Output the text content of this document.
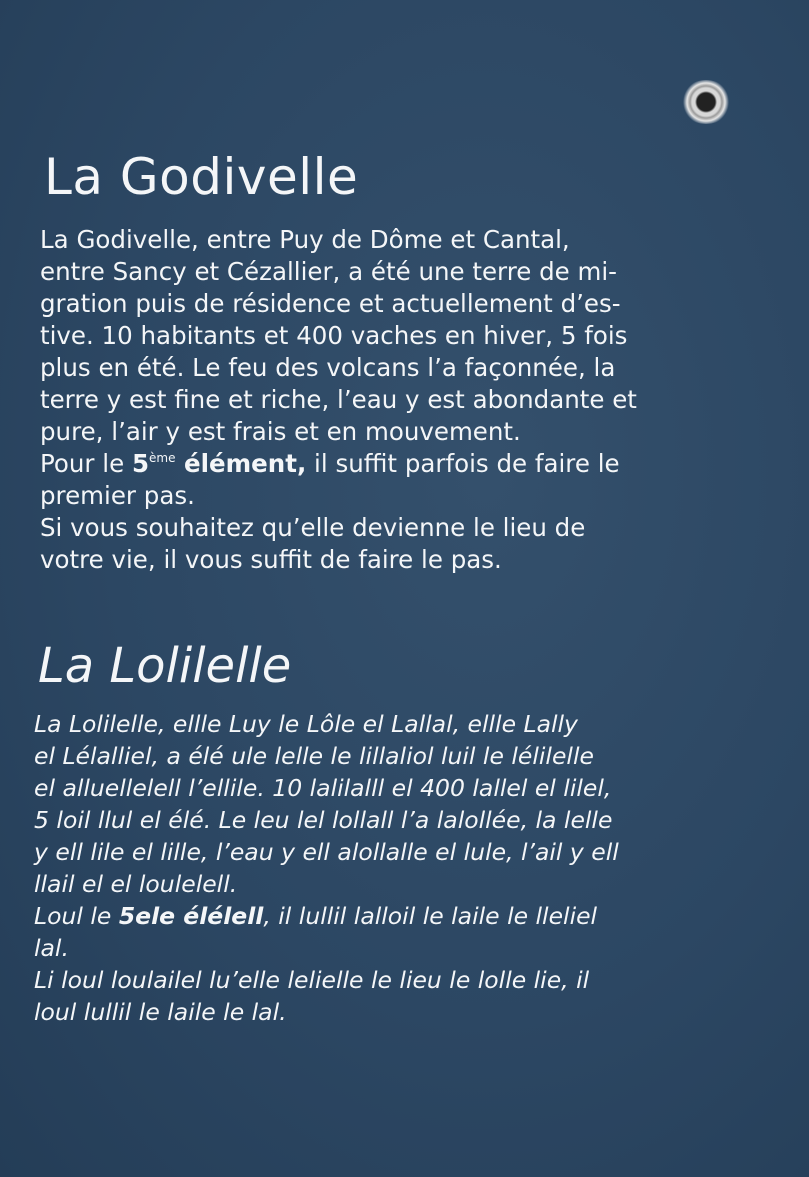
La Godivelle
La Godivelle, entre Puy de Dôme et Cantal,
entre Sancy et Cézallier, a été une terre de mi-
gration puis de résidence et actuellement d’es-
tive. 10 habitants et 400 vaches en hiver, 5 fois
plus en été. Le feu des volcans l’a façonnée, la
terre y est fine et riche, l’eau y est abondante et
pure, l’air y est frais et en mouvement.
Pour le 5ème élément, il suffit parfois de faire le
premier pas.
Si vous souhaitez qu’elle devienne le lieu de
votre vie, il vous suffit de faire le pas.
La Lolilelle
La Lolilelle, ellle Luy le Lôle el Lallal, ellle Lally
el Lélalliel, a élé ule lelle le lillaliol luil le lélilelle
el alluellelell l’ellile. 10 lalilalll el 400 lallel el lilel,
5 loil llul el élé. Le leu lel lollall l’a lalollée, la lelle
y ell lile el lille, l’eau y ell alollalle el lule, l’ail y ell
llail el el loulelell.
Loul le 5ele élélell, il lullil lalloil le laile le lleliel
lal.
Li loul loulailel lu’elle lelielle le lieu le lolle lie, il
loul lullil le laile le lal.
